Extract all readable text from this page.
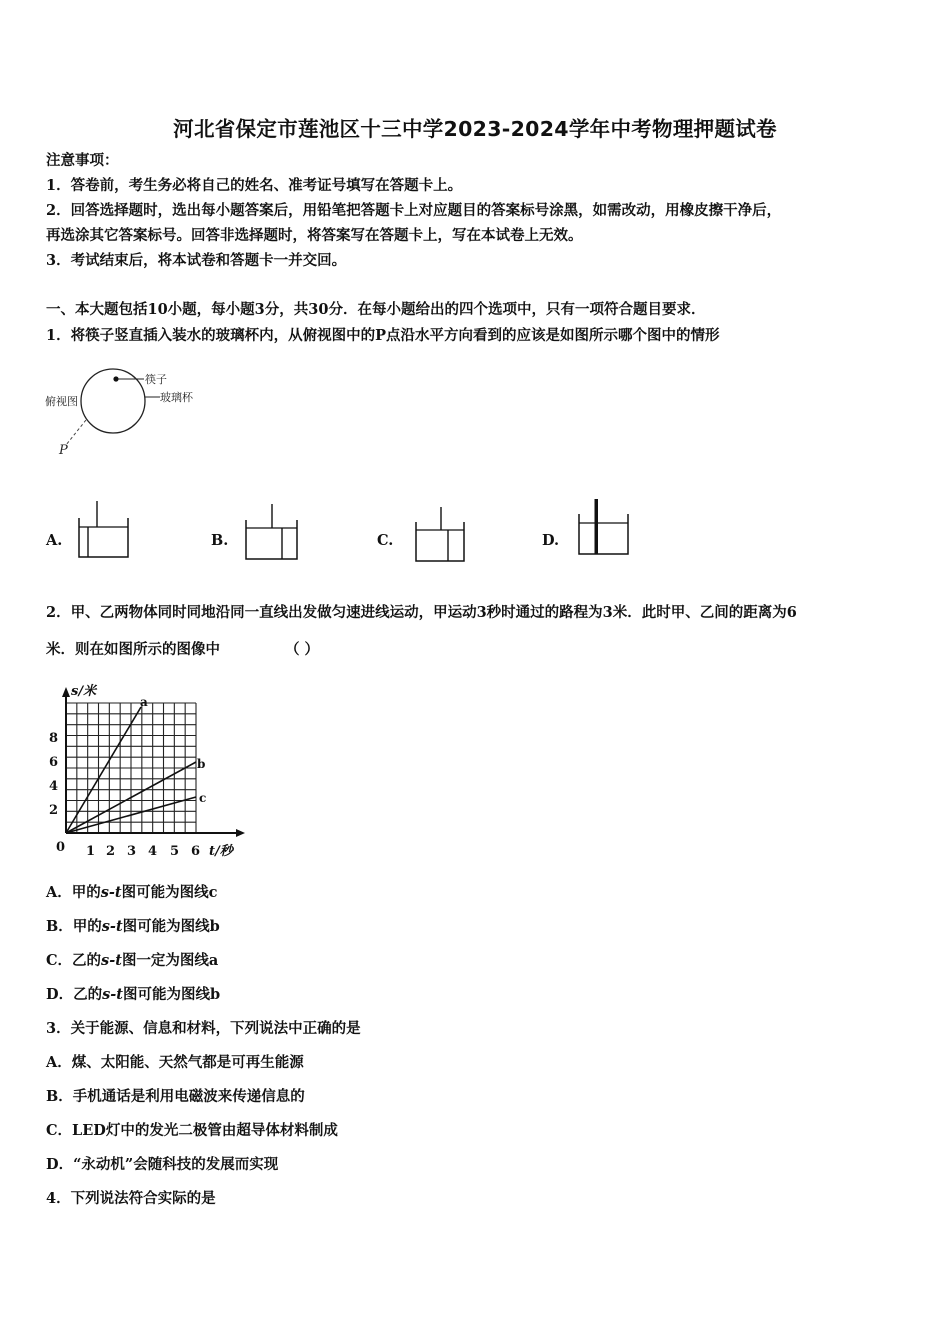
河北省保定市莲池区十三中学2023-2024学年中考物理押题试卷
注意事项：
1．答卷前，考生务必将自己的姓名、准考证号填写在答题卡上。
2．回答选择题时，选出每小题答案后，用铅笔把答题卡上对应题目的答案标号涂黑，如需改动，用橡皮擦干净后，
再选涂其它答案标号。回答非选择题时，将答案写在答题卡上，写在本试卷上无效。
3．考试结束后，将本试卷和答题卡一并交回。
一、本大题包括10小题，每小题3分，共30分．在每小题给出的四个选项中，只有一项符合题目要求．
1．将筷子竖直插入装水的玻璃杯内，从俯视图中的P点沿水平方向看到的应该是如图所示哪个图中的情形
筷子
玻璃杯
俯视图
P
A.	B.	C.	D.
2．甲、乙两物体同时同地沿同一直线出发做匀速进线运动，甲运动3秒时通过的路程为3米．此时甲、乙间的距离为6
米．则在如图所示的图像中	（ ）
s/米
a
b
c
8
6
4
2
0 1 2 3 4 5 6 t/秒
A．甲的s-t图可能为图线c
B．甲的s-t图可能为图线b
C．乙的s-t图一定为图线a
D．乙的s-t图可能为图线b
3．关于能源、信息和材料，下列说法中正确的是
A．煤、太阳能、天然气都是可再生能源
B．手机通话是利用电磁波来传递信息的
C．LED灯中的发光二极管由超导体材料制成
D．“永动机”会随科技的发展而实现
4．下列说法符合实际的是
